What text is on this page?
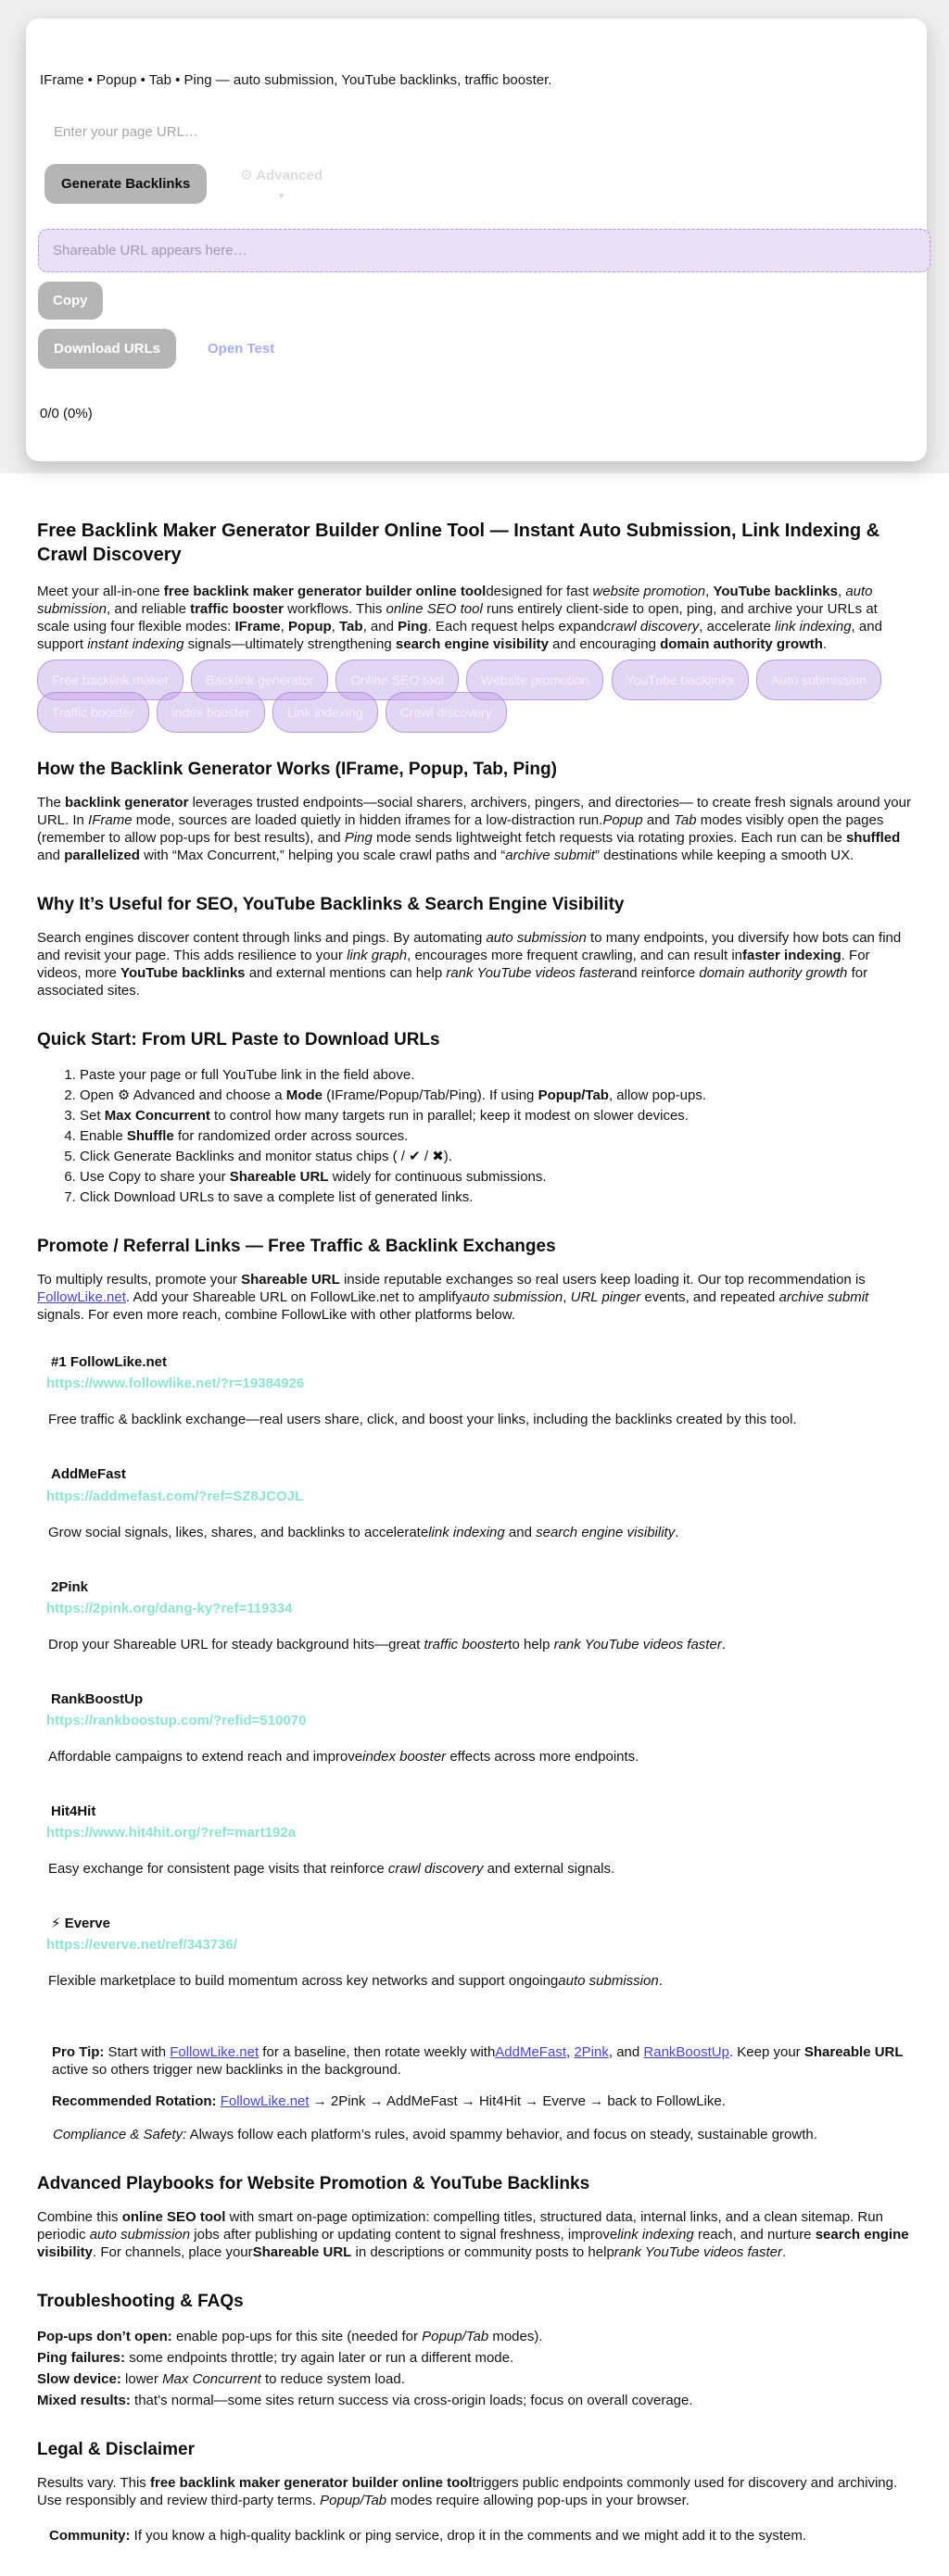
IFrame • Popup • Tab • Ping — auto submission, YouTube backlinks, traffic booster.

Enter your page URL…
Generate Backlinks
⚙ Advanced
▾
Shareable URL appears here…
Copy
Download URLs	Open Test
0/0 (0%)
Free Backlink Maker Generator Builder Online Tool — Instant Auto Submission, Link Indexing & Crawl Discovery

Meet your all-in-one free backlink maker generator builder online tooldesigned for fast website promotion, YouTube backlinks, auto submission, and reliable traffic booster workflows. This online SEO tool runs entirely client-side to open, ping, and archive your URLs at scale using four flexible modes: IFrame, Popup, Tab, and Ping. Each request helps expandcrawl discovery, accelerate link indexing, and support instant indexing signals—ultimately strengthening search engine visibility and encouraging domain authority growth.

Free backlink maker	Backlink generator	Online SEO tool	Website promotion	YouTube backlinks	Auto submission Traffic booster	Index booster	Link indexing	Crawl discovery
How the Backlink Generator Works (IFrame, Popup, Tab, Ping)

The backlink generator leverages trusted endpoints—social sharers, archivers, pingers, and directories— to create fresh signals around your URL. In IFrame mode, sources are loaded quietly in hidden iframes for a low-distraction run.Popup and Tab modes visibly open the pages (remember to allow pop-ups for best results), and Ping mode sends lightweight fetch requests via rotating proxies. Each run can be shuffled and parallelized with “Max Concurrent,” helping you scale crawl paths and “archive submit” destinations while keeping a smooth UX.

Why It’s Useful for SEO, YouTube Backlinks & Search Engine Visibility

Search engines discover content through links and pings. By automating auto submission to many endpoints, you diversify how bots can find and revisit your page. This adds resilience to your link graph, encourages more frequent crawling, and can result infaster indexing. For videos, more YouTube backlinks and external mentions can help rank YouTube videos fasterand reinforce domain authority growth for associated sites.

Quick Start: From URL Paste to Download URLs
1. Paste your page or full YouTube link in the field above.
2. Open ⚙ Advanced and choose a Mode (IFrame/Popup/Tab/Ping). If using Popup/Tab, allow pop-ups.
3. Set Max Concurrent to control how many targets run in parallel; keep it modest on slower devices.
4. Enable Shuffle for randomized order across sources.
5. Click Generate Backlinks and monitor status chips ( / ✔ / ✖).
6. Use Copy to share your Shareable URL widely for continuous submissions.
7. Click Download URLs to save a complete list of generated links.
Promote / Referral Links — Free Traffic & Backlink Exchanges

To multiply results, promote your Shareable URL inside reputable exchanges so real users keep loading it. Our top recommendation is FollowLike.net. Add your Shareable URL on FollowLike.net to amplifyauto submission, URL pinger events, and repeated archive submit signals. For even more reach, combine FollowLike with other platforms below.

#1 FollowLike.net

https://www.followlike.net/?r=19384926

Free traffic & backlink exchange—real users share, click, and boost your links, including the backlinks created by this tool.

AddMeFast

https://addmefast.com/?ref=SZ8JCOJL

Grow social signals, likes, shares, and backlinks to acceleratelink indexing and search engine visibility.

2Pink

https://2pink.org/dang-ky?ref=119334

Drop your Shareable URL for steady background hits—great traffic boosterto help rank YouTube videos faster.

RankBoostUp

https://rankboostup.com/?refid=510070

Affordable campaigns to extend reach and improveindex booster effects across more endpoints.

Hit4Hit

https://www.hit4hit.org/?ref=mart192a

Easy exchange for consistent page visits that reinforce crawl discovery and external signals.

⚡ Everve

https://everve.net/ref/343736/

Flexible marketplace to build momentum across key networks and support ongoingauto submission.

Pro Tip: Start with FollowLike.net for a baseline, then rotate weekly withAddMeFast, 2Pink, and RankBoostUp. Keep your Shareable URL active so others trigger new backlinks in the background.

Recommended Rotation: FollowLike.net → 2Pink → AddMeFast → Hit4Hit → Everve → back to FollowLike.

Compliance & Safety: Always follow each platform’s rules, avoid spammy behavior, and focus on steady, sustainable growth.

Advanced Playbooks for Website Promotion & YouTube Backlinks

Combine this online SEO tool with smart on-page optimization: compelling titles, structured data, internal links, and a clean sitemap. Run periodic auto submission jobs after publishing or updating content to signal freshness, improvelink indexing reach, and nurture search engine visibility. For channels, place yourShareable URL in descriptions or community posts to helprank YouTube videos faster.

Troubleshooting & FAQs

Pop-ups don’t open: enable pop-ups for this site (needed for Popup/Tab modes).

Ping failures: some endpoints throttle; try again later or run a different mode.

Slow device: lower Max Concurrent to reduce system load.

Mixed results: that’s normal—some sites return success via cross-origin loads; focus on overall coverage.

Legal & Disclaimer

Results vary. This free backlink maker generator builder online tooltriggers public endpoints commonly used for discovery and archiving. Use responsibly and review third-party terms. Popup/Tab modes require allowing pop-ups in your browser.

Community: If you know a high-quality backlink or ping service, drop it in the comments and we might add it to the system.
